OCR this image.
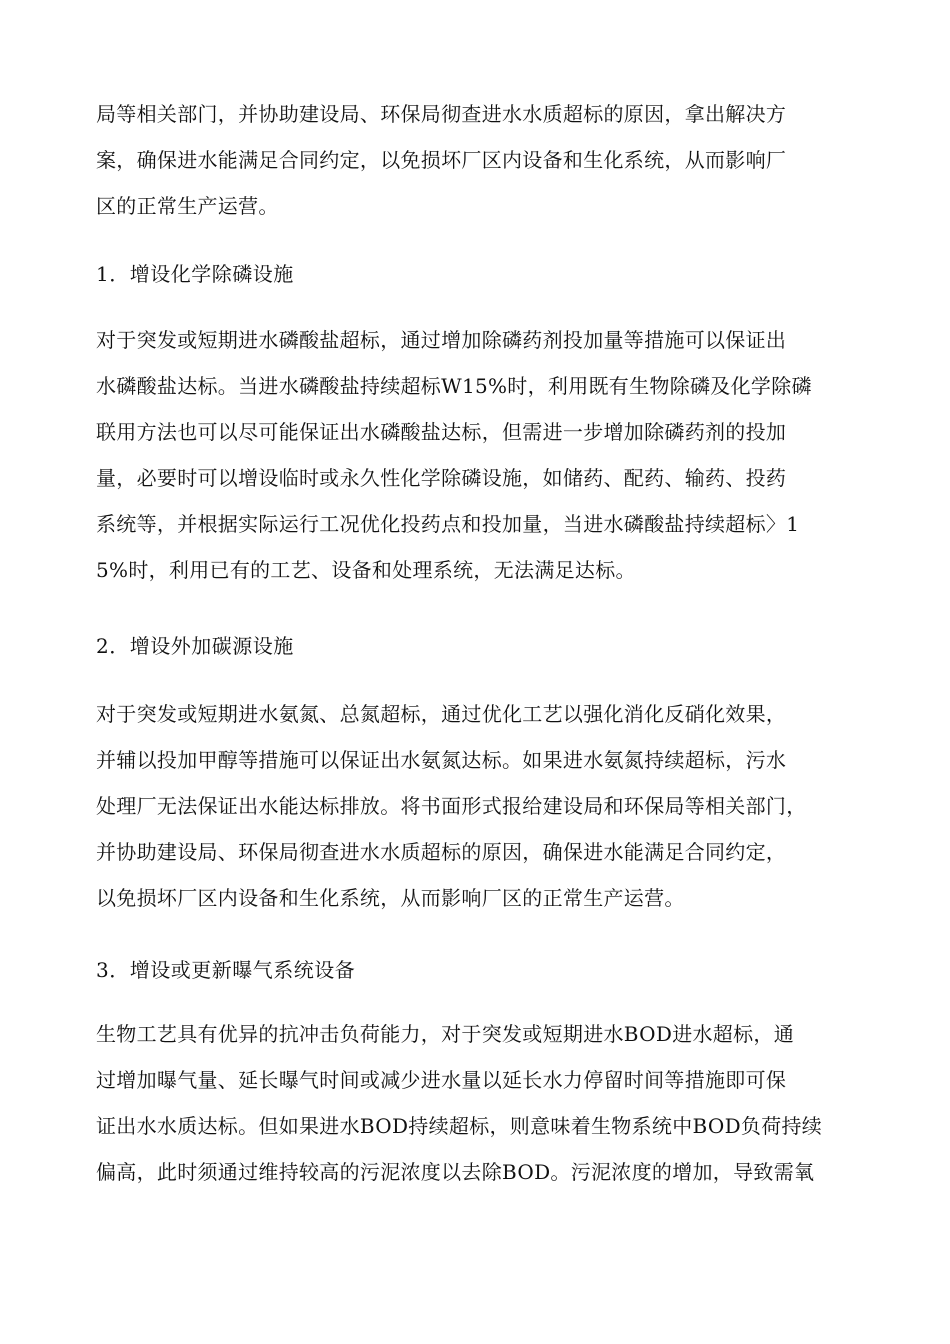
局等相关部门，并协助建设局、环保局彻查进水水质超标的原因，拿出解决方
案，确保进水能满足合同约定，以免损坏厂区内设备和生化系统，从而影响厂
区的正常生产运营。
1．增设化学除磷设施
对于突发或短期进水磷酸盐超标，通过增加除磷药剂投加量等措施可以保证出
水磷酸盐达标。当进水磷酸盐持续超标W15%时，利用既有生物除磷及化学除磷
联用方法也可以尽可能保证出水磷酸盐达标，但需进一步增加除磷药剂的投加
量，必要时可以增设临时或永久性化学除磷设施，如储药、配药、输药、投药
系统等，并根据实际运行工况优化投药点和投加量，当进水磷酸盐持续超标〉1
5%时，利用已有的工艺、设备和处理系统，无法满足达标。
2．增设外加碳源设施
对于突发或短期进水氨氮、总氮超标，通过优化工艺以强化消化反硝化效果，
并辅以投加甲醇等措施可以保证出水氨氮达标。如果进水氨氮持续超标，污水
处理厂无法保证出水能达标排放。将书面形式报给建设局和环保局等相关部门，
并协助建设局、环保局彻查进水水质超标的原因，确保进水能满足合同约定，
以免损坏厂区内设备和生化系统，从而影响厂区的正常生产运营。
3．增设或更新曝气系统设备
生物工艺具有优异的抗冲击负荷能力，对于突发或短期进水BOD进水超标，通
过增加曝气量、延长曝气时间或减少进水量以延长水力停留时间等措施即可保
证出水水质达标。但如果进水BOD持续超标，则意味着生物系统中BOD负荷持续
偏高，此时须通过维持较高的污泥浓度以去除BOD。污泥浓度的增加，导致需氧
